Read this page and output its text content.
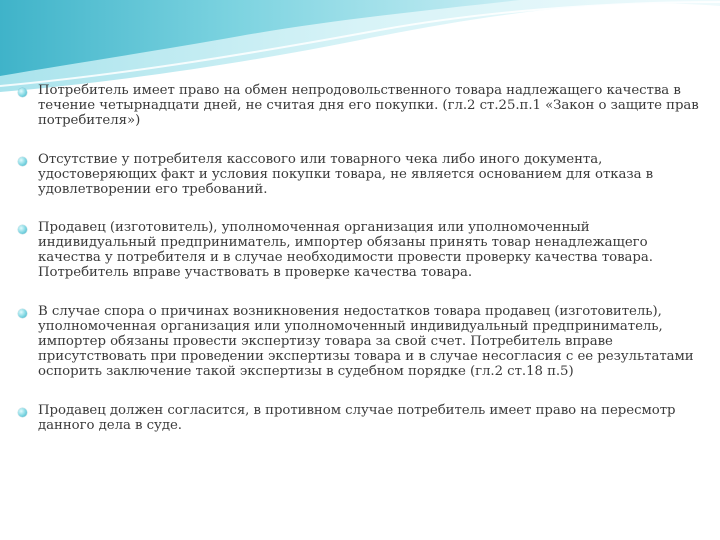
Потребитель имеет право на обмен непродовольственного товара надлежащего качества в течение четырнадцати дней, не считая дня его покупки. (гл.2 ст.25.п.1 «Закон о защите прав потребителя»)
Отсутствие у потребителя кассового или товарного чека либо иного документа, удостоверяющих факт и условия покупки товара, не является основанием для отказа в удовлетворении его требований.
Продавец (изготовитель), уполномоченная организация или уполномоченный индивидуальный предприниматель, импортер обязаны принять товар ненадлежащего качества у потребителя и в случае необходимости провести проверку качества товара. Потребитель вправе участвовать в проверке качества товара.
В случае спора о причинах возникновения недостатков товара продавец (изготовитель), уполномоченная организация или уполномоченный индивидуальный предприниматель, импортер обязаны провести экспертизу товара за свой счет. Потребитель вправе присутствовать при проведении экспертизы товара и в случае несогласия с ее результатами оспорить заключение такой экспертизы в судебном порядке (гл.2 ст.18 п.5)
Продавец должен согласится, в противном случае потребитель имеет право на пересмотр данного дела в суде.
